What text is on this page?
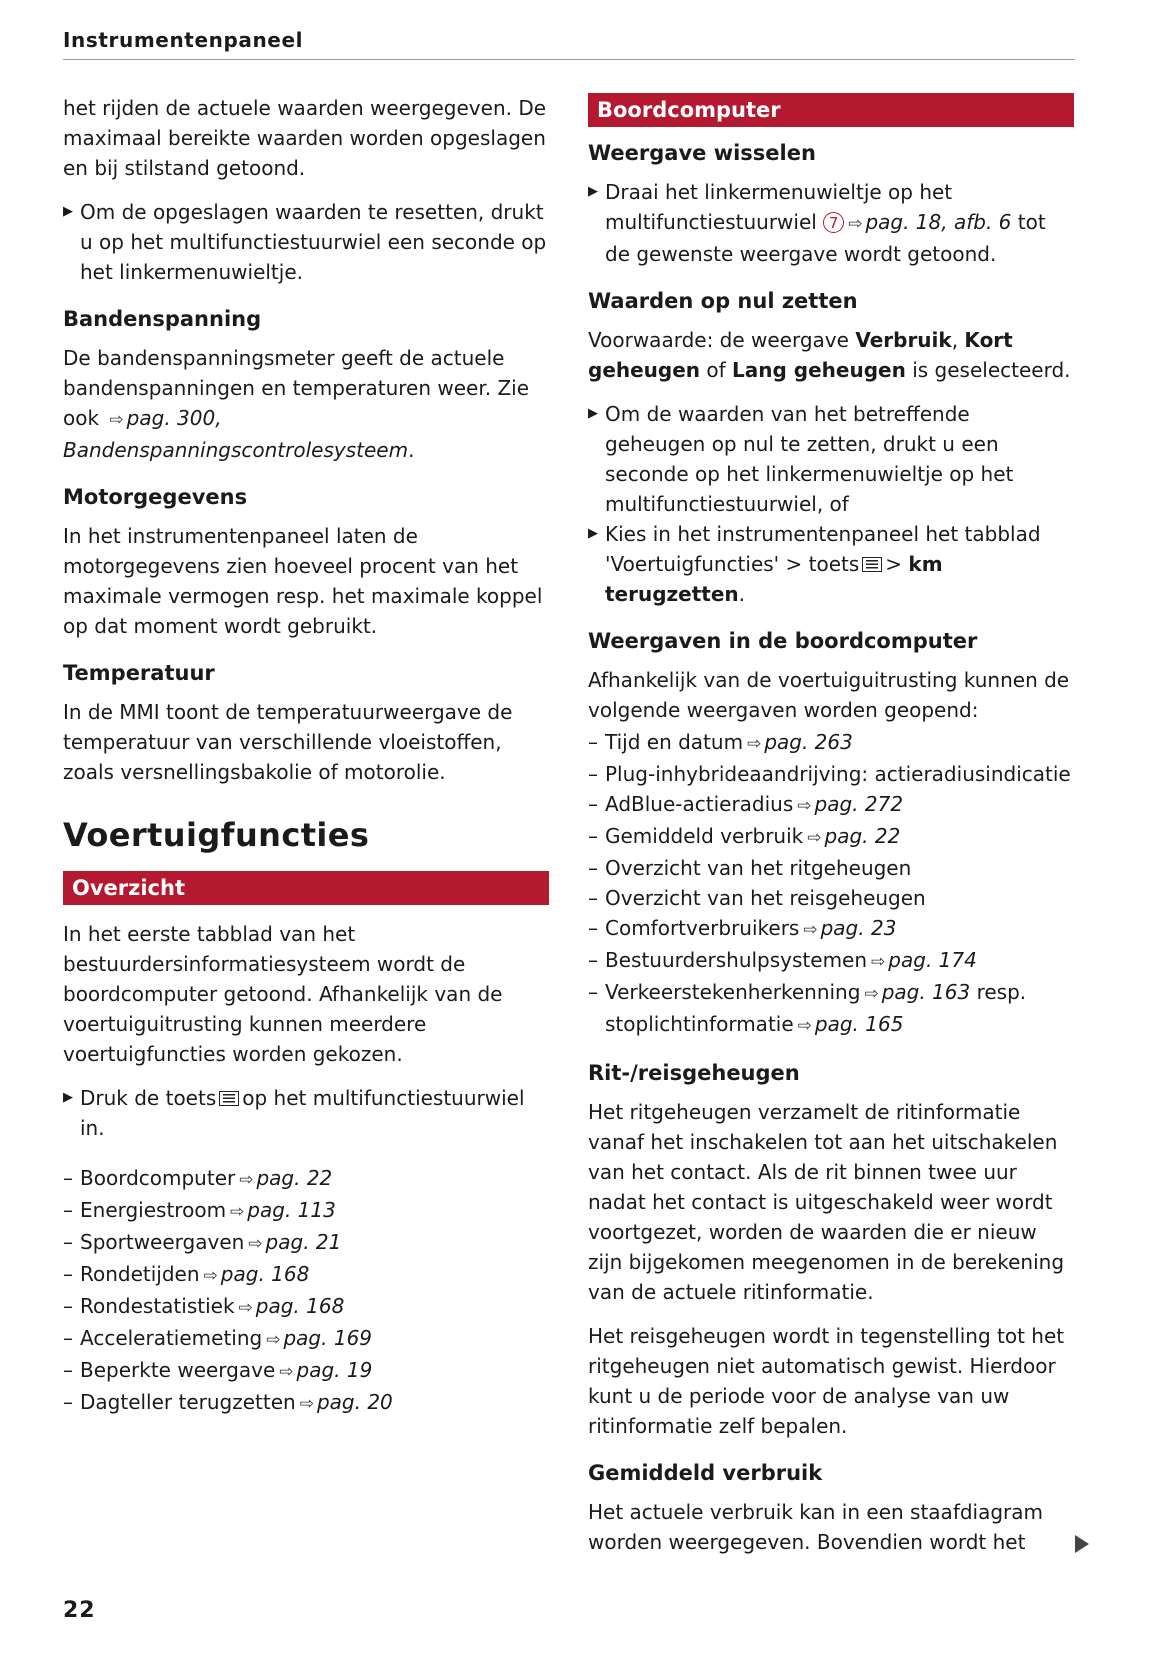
Instrumentenpaneel

het rijden de actuele waarden weergegeven. De maximaal bereikte waarden worden opgeslagen en bij stilstand getoond.

▶ Om de opgeslagen waarden te resetten, drukt u op het multifunctiestuurwiel een seconde op het linkermenuwieltje.
Bandenspanning

De bandenspanningsmeter geeft de actuele bandenspanningen en temperaturen weer. Zie ook ⇨ pag. 300, Bandenspanningscontrolesysteem.

Motorgegevens

In het instrumentenpaneel laten de motorgegevens zien hoeveel procent van het maximale vermogen resp. het maximale koppel op dat moment wordt gebruikt.

Temperatuur

In de MMI toont de temperatuurweergave de temperatuur van verschillende vloeistoffen, zoals versnellingsbakolie of motorolie.

Voertuigfuncties
Overzicht

In het eerste tabblad van het bestuurdersinformatiesysteem wordt de boordcomputer getoond. Afhankelijk van de voertuiguitrusting kunnen meerdere voertuigfuncties worden gekozen.

▶ Druk de toets op het multifunctiestuurwiel in.
– Boordcomputer ⇨ pag. 22
– Energiestroom ⇨ pag. 113
– Sportweergaven ⇨ pag. 21
– Rondetijden ⇨ pag. 168
– Rondestatistiek ⇨ pag. 168
– Acceleratiemeting ⇨ pag. 169
– Beperkte weergave ⇨ pag. 19
– Dagteller terugzetten ⇨ pag. 20
Boordcomputer
Weergave wisselen
▶ Draai het linkermenuwieltje op het multifunctiestuurwiel 7 ⇨ pag. 18, afb. 6 tot de gewenste weergave wordt getoond.
Waarden op nul zetten

Voorwaarde: de weergave Verbruik, Kort geheugen of Lang geheugen is geselecteerd.

▶ Om de waarden van het betreffende geheugen op nul te zetten, drukt u een seconde op het linkermenuwieltje op het multifunctiestuurwiel, of
▶ Kies in het instrumentenpaneel het tabblad 'Voertuigfuncties' > toets > km terugzetten.
Weergaven in de boordcomputer

Afhankelijk van de voertuiguitrusting kunnen de volgende weergaven worden geopend:

– Tijd en datum ⇨ pag. 263
– Plug-inhybrideaandrijving: actieradiusindicatie
– AdBlue-actieradius ⇨ pag. 272
– Gemiddeld verbruik ⇨ pag. 22
– Overzicht van het ritgeheugen
– Overzicht van het reisgeheugen
– Comfortverbruikers ⇨ pag. 23
– Bestuurdershulpsystemen ⇨ pag. 174
– Verkeerstekenherkenning ⇨ pag. 163 resp. stoplichtinformatie ⇨ pag. 165
Rit-/reisgeheugen

Het ritgeheugen verzamelt de ritinformatie vanaf het inschakelen tot aan het uitschakelen van het contact. Als de rit binnen twee uur nadat het contact is uitgeschakeld weer wordt voortgezet, worden de waarden die er nieuw zijn bijgekomen meegenomen in de berekening van de actuele ritinformatie.

Het reisgeheugen wordt in tegenstelling tot het ritgeheugen niet automatisch gewist. Hierdoor kunt u de periode voor de analyse van uw ritinformatie zelf bepalen.

Gemiddeld verbruik

Het actuele verbruik kan in een staafdiagram worden weergegeven. Bovendien wordt het

22
